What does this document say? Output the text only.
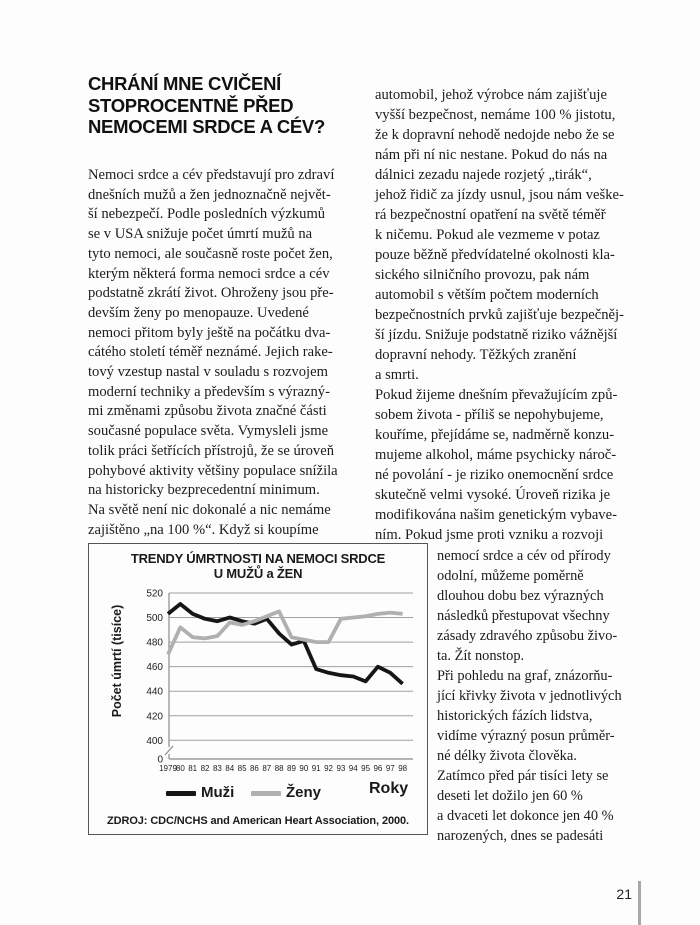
CHRÁNÍ MNE CVIČENÍ
STOPROCENTNĚ PŘED
NEMOCEMI SRDCE A CÉV?
Nemoci srdce a cév představují pro zdraví
dnešních mužů a žen jednoznačně největ-
ší nebezpečí. Podle posledních výzkumů
se v USA snižuje počet úmrtí mužů na
tyto nemoci, ale současně roste počet žen,
kterým některá forma nemoci srdce a cév
podstatně zkrátí život. Ohroženy jsou pře-
devším ženy po menopauze. Uvedené
nemoci přitom byly ještě na počátku dva-
cátého století téměř neznámé. Jejich rake-
tový vzestup nastal v souladu s rozvojem
moderní techniky a především s výrazný-
mi změnami způsobu života značné části
současné populace světa. Vymysleli jsme
tolik práci šetřících přístrojů, že se úroveň
pohybové aktivity většiny populace snížila
na historicky bezprecedentní minimum.
Na světě není nic dokonalé a nic nemáme
zajištěno „na 100 %“. Když si koupíme
automobil, jehož výrobce nám zajišťuje
vyšší bezpečnost, nemáme 100 % jistotu,
že k dopravní nehodě nedojde nebo že se
nám při ní nic nestane. Pokud do nás na
dálnici zezadu najede rozjetý „tirák“,
jehož řidič za jízdy usnul, jsou nám veške-
rá bezpečnostní opatření na světě téměř
k ničemu. Pokud ale vezmeme v potaz
pouze běžně předvídatelné okolnosti kla-
sického silničního provozu, pak nám
automobil s větším počtem moderních
bezpečnostních prvků zajišťuje bezpečněj-
ší jízdu. Snižuje podstatně riziko vážnější
dopravní nehody. Těžkých zranění
a smrti.
Pokud žijeme dnešním převažujícím způ-
sobem života - příliš se nepohybujeme,
kouříme, přejídáme se, nadměrně konzu-
mujeme alkohol, máme psychicky nároč-
né povolání - je riziko onemocnění srdce
skutečně velmi vysoké. Úroveň rizika je
modifikována našim genetickým vybave-
ním. Pokud jsme proti vzniku a rozvoji
nemocí srdce a cév od přírody
odolní, můžeme poměrně
dlouhou dobu bez výrazných
následků přestupovat všechny
zásady zdravého způsobu živo-
ta. Žít nonstop.
Při pohledu na graf, znázorňu-
jící křivky života v jednotlivých
historických fázích lidstva,
vidíme výrazný posun průměr-
né délky života člověka.
Zatímco před pár tisíci lety se
deseti let dožilo jen 60 %
a dvaceti let dokonce jen 40 %
narozených, dnes se padesáti
TRENDY ÚMRTNOSTI NA NEMOCI SRDCE
U MUŽŮ a ŽEN
Počet úmrtí (tisíce)
520
500
480
460
440
420
400
0
1979
80 81 82 83 84 85 86 87 88 89 90 91 92 93 94 95 96 97 98
Muži	Ženy	Roky
ZDROJ: CDC/NCHS and American Heart Association, 2000.
21
